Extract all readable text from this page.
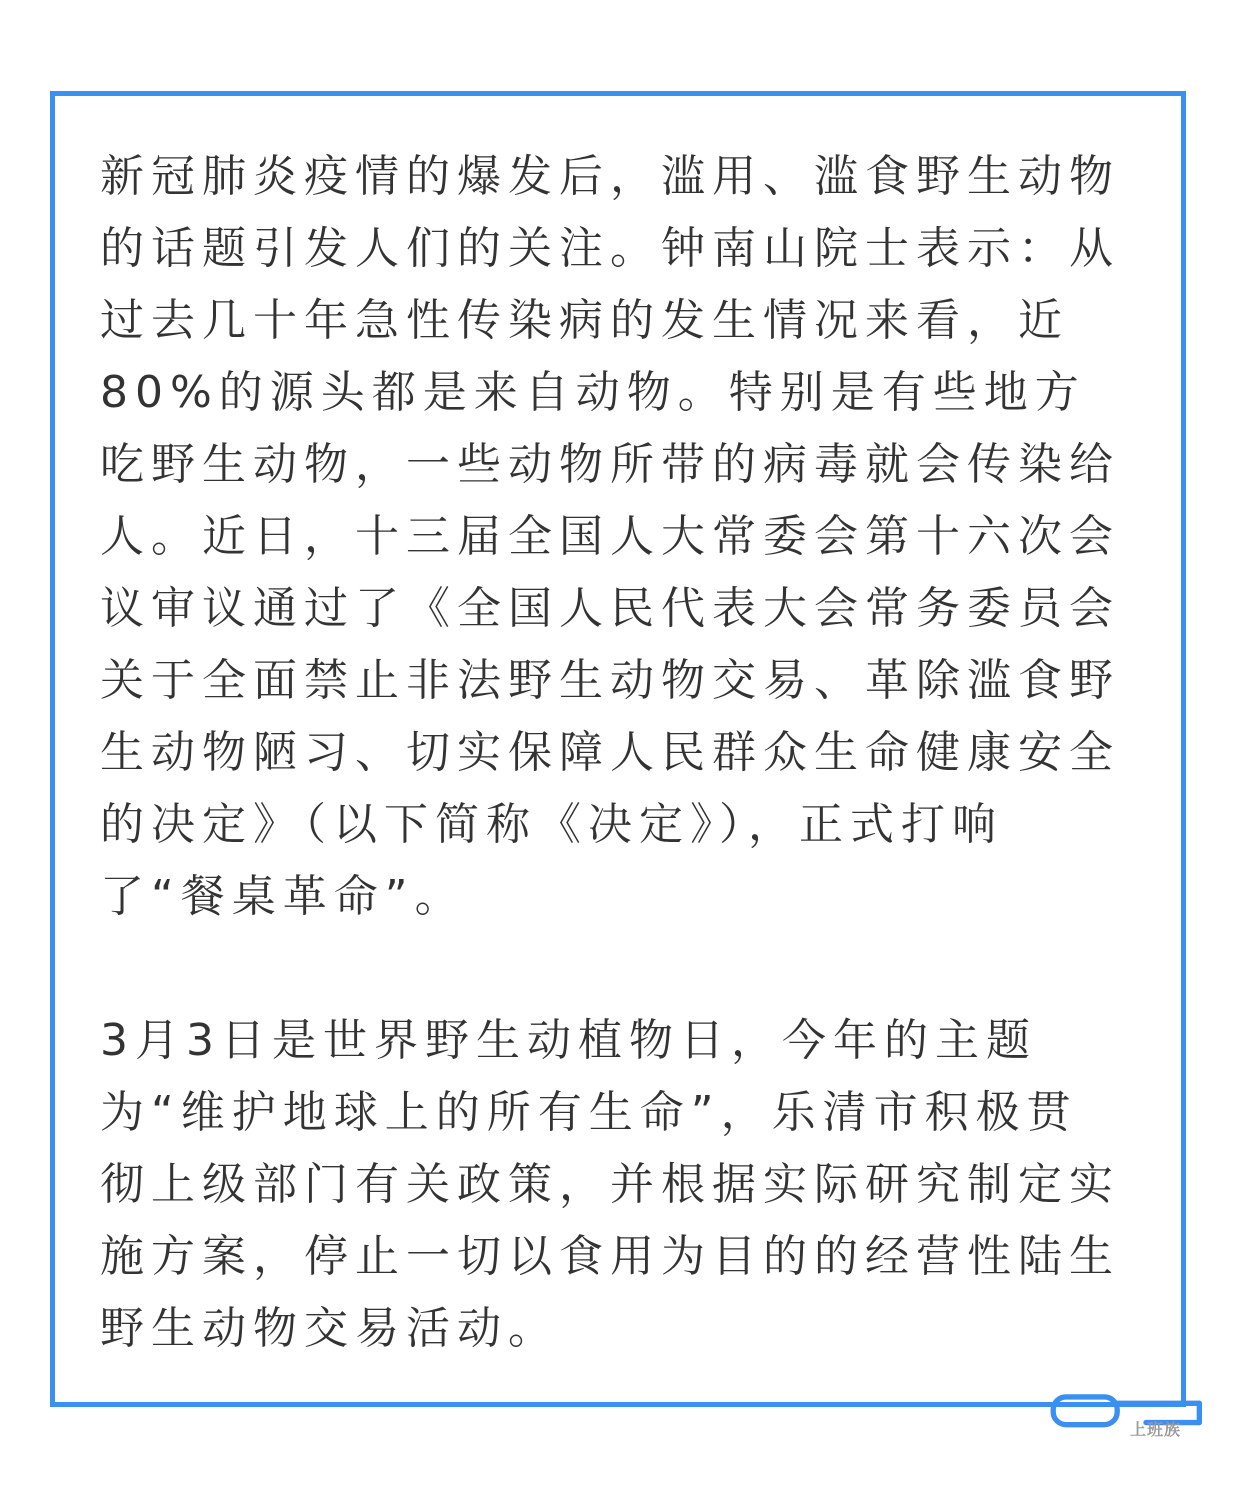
新冠肺炎疫情的爆发后，滥用、滥食野生动物
的话题引发人们的关注。钟南山院士表示：从
过去几十年急性传染病的发生情况来看，近
80%的源头都是来自动物。特别是有些地方
吃野生动物，一些动物所带的病毒就会传染给
人。近日，十三届全国人大常委会第十六次会
议审议通过了《全国人民代表大会常务委员会
关于全面禁止非法野生动物交易、革除滥食野
生动物陋习、切实保障人民群众生命健康安全
的决定》（以下简称《决定》），正式打响
了“餐桌革命”。
3月3日是世界野生动植物日，今年的主题
为“维护地球上的所有生命”，乐清市积极贯
彻上级部门有关政策，并根据实际研究制定实
施方案，停止一切以食用为目的的经营性陆生
野生动物交易活动。
上班族
